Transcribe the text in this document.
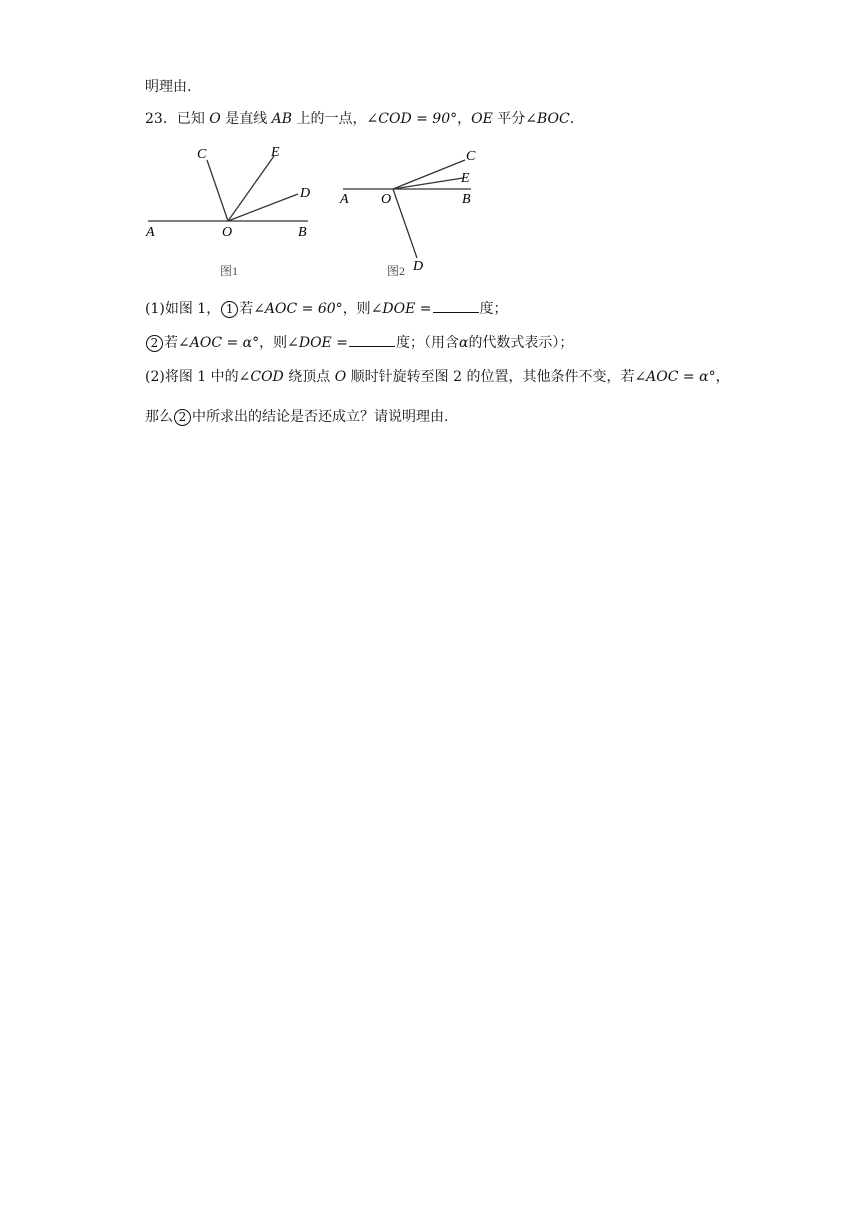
明理由.
23．已知 O 是直线 AB 上的一点，∠COD = 90°，OE 平分∠BOC.
C	E
D
A	O	B
图1
C
E
A O	B
D
图2
(1)如图 1， 1 若∠AOC = 60°，则∠DOE =	度；
2 若∠AOC = α°，则∠DOE =	度；（用含α的代数式表示）；
(2)将图 1 中的∠COD 绕顶点 O 顺时针旋转至图 2 的位置，其他条件不变，若∠AOC = α°，
那么 2 中所求出的结论是否还成立？请说明理由.
